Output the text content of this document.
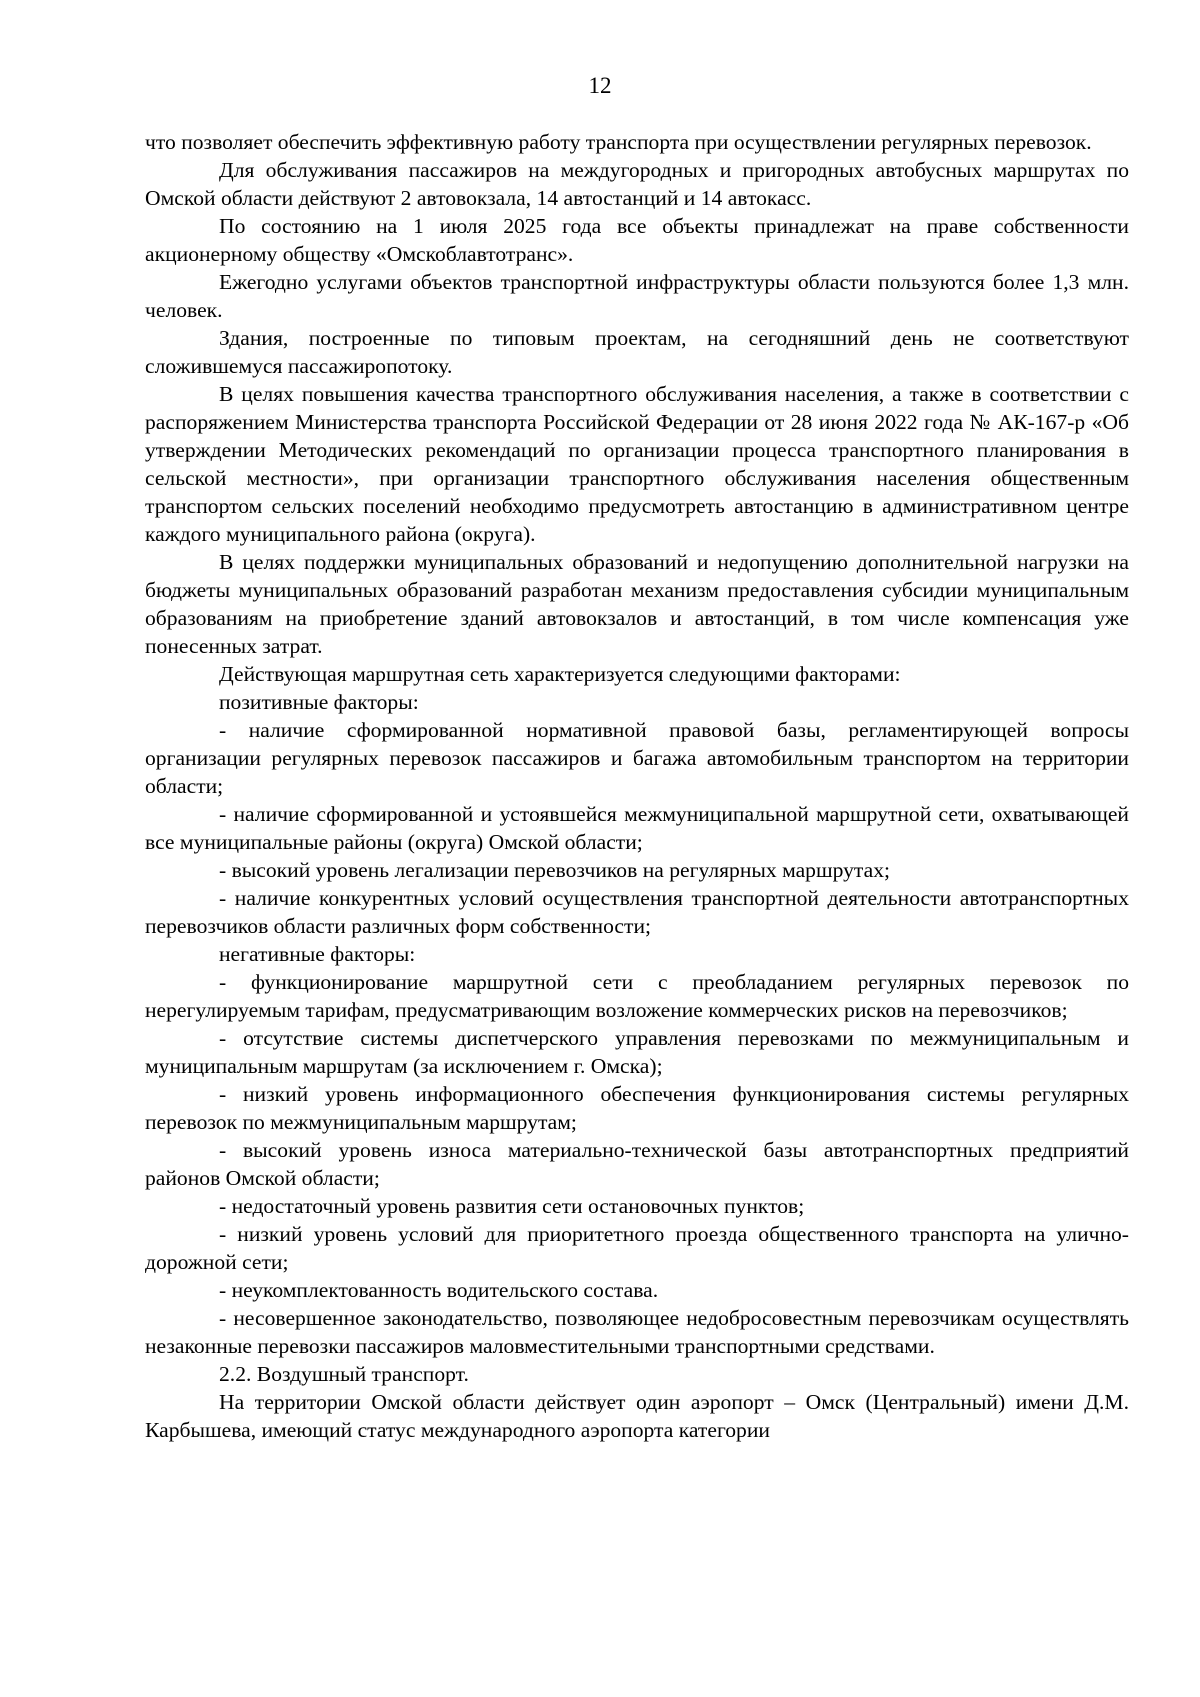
12

что позволяет обеспечить эффективную работу транспорта при осуществлении регулярных перевозок.

Для обслуживания пассажиров на междугородных и пригородных автобусных маршрутах по Омской области действуют 2 автовокзала, 14 автостанций и 14 автокасс.

По состоянию на 1 июля 2025 года все объекты принадлежат на праве собственности акционерному обществу «Омскоблавтотранс».

Ежегодно услугами объектов транспортной инфраструктуры области пользуются более 1,3 млн. человек.

Здания, построенные по типовым проектам, на сегодняшний день не соответствуют сложившемуся пассажиропотоку.

В целях повышения качества транспортного обслуживания населения, а также в соответствии с распоряжением Министерства транспорта Российской Федерации от 28 июня 2022 года № АК-167-р «Об утверждении Методических рекомендаций по организации процесса транспортного планирования в сельской местности», при организации транспортного обслуживания населения общественным транспортом сельских поселений необходимо предусмотреть автостанцию в административном центре каждого муниципального района (округа).

В целях поддержки муниципальных образований и недопущению дополнительной нагрузки на бюджеты муниципальных образований разработан механизм предоставления субсидии муниципальным образованиям на приобретение зданий автовокзалов и автостанций, в том числе компенсация уже понесенных затрат.

Действующая маршрутная сеть характеризуется следующими факторами:

позитивные факторы:

- наличие сформированной нормативной правовой базы, регламентирующей вопросы организации регулярных перевозок пассажиров и багажа автомобильным транспортом на территории области;

- наличие сформированной и устоявшейся межмуниципальной маршрутной сети, охватывающей все муниципальные районы (округа) Омской области;

- высокий уровень легализации перевозчиков на регулярных маршрутах;

- наличие конкурентных условий осуществления транспортной деятельности автотранспортных перевозчиков области различных форм собственности;

негативные факторы:

- функционирование маршрутной сети с преобладанием регулярных перевозок по нерегулируемым тарифам, предусматривающим возложение коммерческих рисков на перевозчиков;

- отсутствие системы диспетчерского управления перевозками по межмуниципальным и муниципальным маршрутам (за исключением г. Омска);

- низкий уровень информационного обеспечения функционирования системы регулярных перевозок по межмуниципальным маршрутам;

- высокий уровень износа материально-технической базы автотранспортных предприятий районов Омской области;

- недостаточный уровень развития сети остановочных пунктов;

- низкий уровень условий для приоритетного проезда общественного транспорта на улично-дорожной сети;

- неукомплектованность водительского состава.

- несовершенное законодательство, позволяющее недобросовестным перевозчикам осуществлять незаконные перевозки пассажиров маловместительными транспортными средствами.

2.2. Воздушный транспорт.

На территории Омской области действует один аэропорт – Омск (Центральный) имени Д.М. Карбышева, имеющий статус международного аэропорта категории
